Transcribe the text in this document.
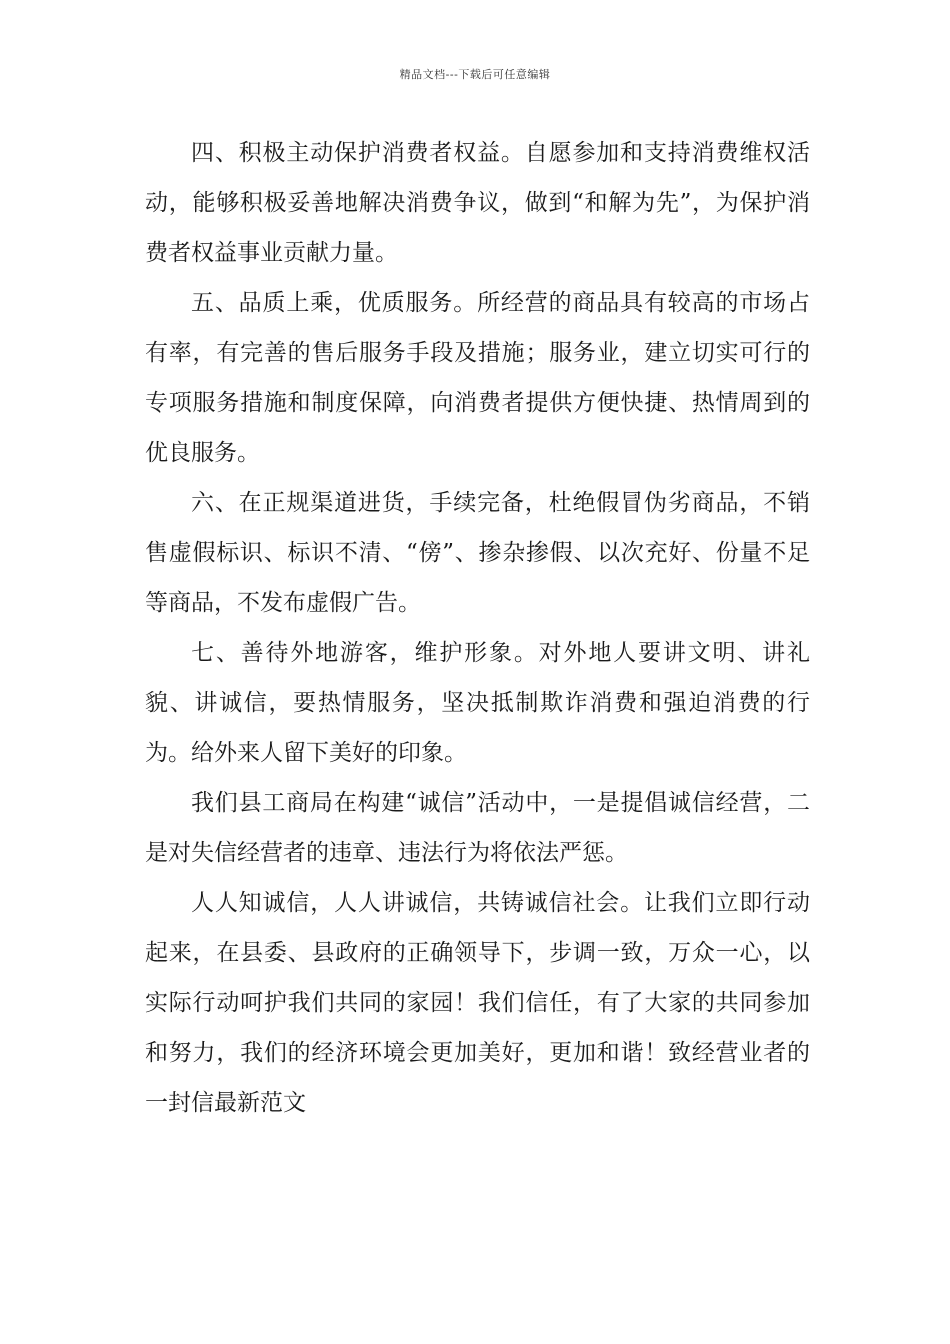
精品文档---下载后可任意编辑

四、积极主动保护消费者权益。自愿参加和支持消费维权活动，能够积极妥善地解决消费争议，做到“和解为先”，为保护消费者权益事业贡献力量。

五、品质上乘，优质服务。所经营的商品具有较高的市场占有率，有完善的售后服务手段及措施；服务业，建立切实可行的专项服务措施和制度保障，向消费者提供方便快捷、热情周到的优良服务。

六、在正规渠道进货，手续完备，杜绝假冒伪劣商品，不销售虚假标识、标识不清、“傍”、掺杂掺假、以次充好、份量不足等商品，不发布虚假广告。

七、善待外地游客，维护形象。对外地人要讲文明、讲礼貌、讲诚信，要热情服务，坚决抵制欺诈消费和强迫消费的行为。给外来人留下美好的印象。

我们县工商局在构建“诚信”活动中，一是提倡诚信经营，二是对失信经营者的违章、违法行为将依法严惩。

人人知诚信，人人讲诚信，共铸诚信社会。让我们立即行动起来，在县委、县政府的正确领导下，步调一致，万众一心，以实际行动呵护我们共同的家园！我们信任，有了大家的共同参加和努力，我们的经济环境会更加美好，更加和谐！致经营业者的一封信最新范文
